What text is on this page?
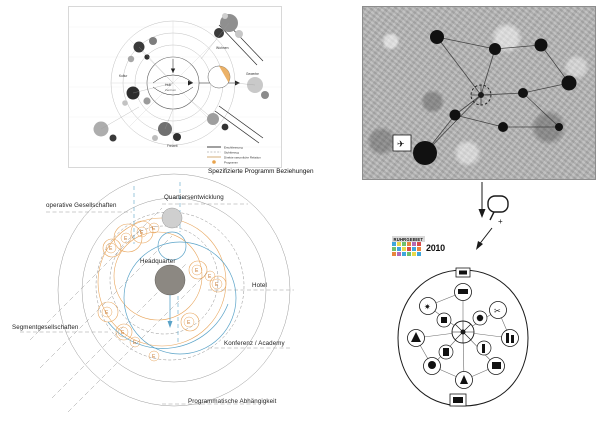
Wohnen
Hub
Zentrum
Gewerbe
Kultur
Freizeit	Erschliessung
Sichtbezug
Direkte raeumliche Relation
Programm
Spezifizierte Programm Beziehungen
E
E
E
E
E
E
E
E
E
E
E
E
operative Gesellschaften
Quartiersentwicklung
Headquarter
Hotel
Segmentgesellschaften
Konferenz / Academy
Programmatische Abhängigkeit
✈
+
RUHRGEBIET
2010
✷	✂
